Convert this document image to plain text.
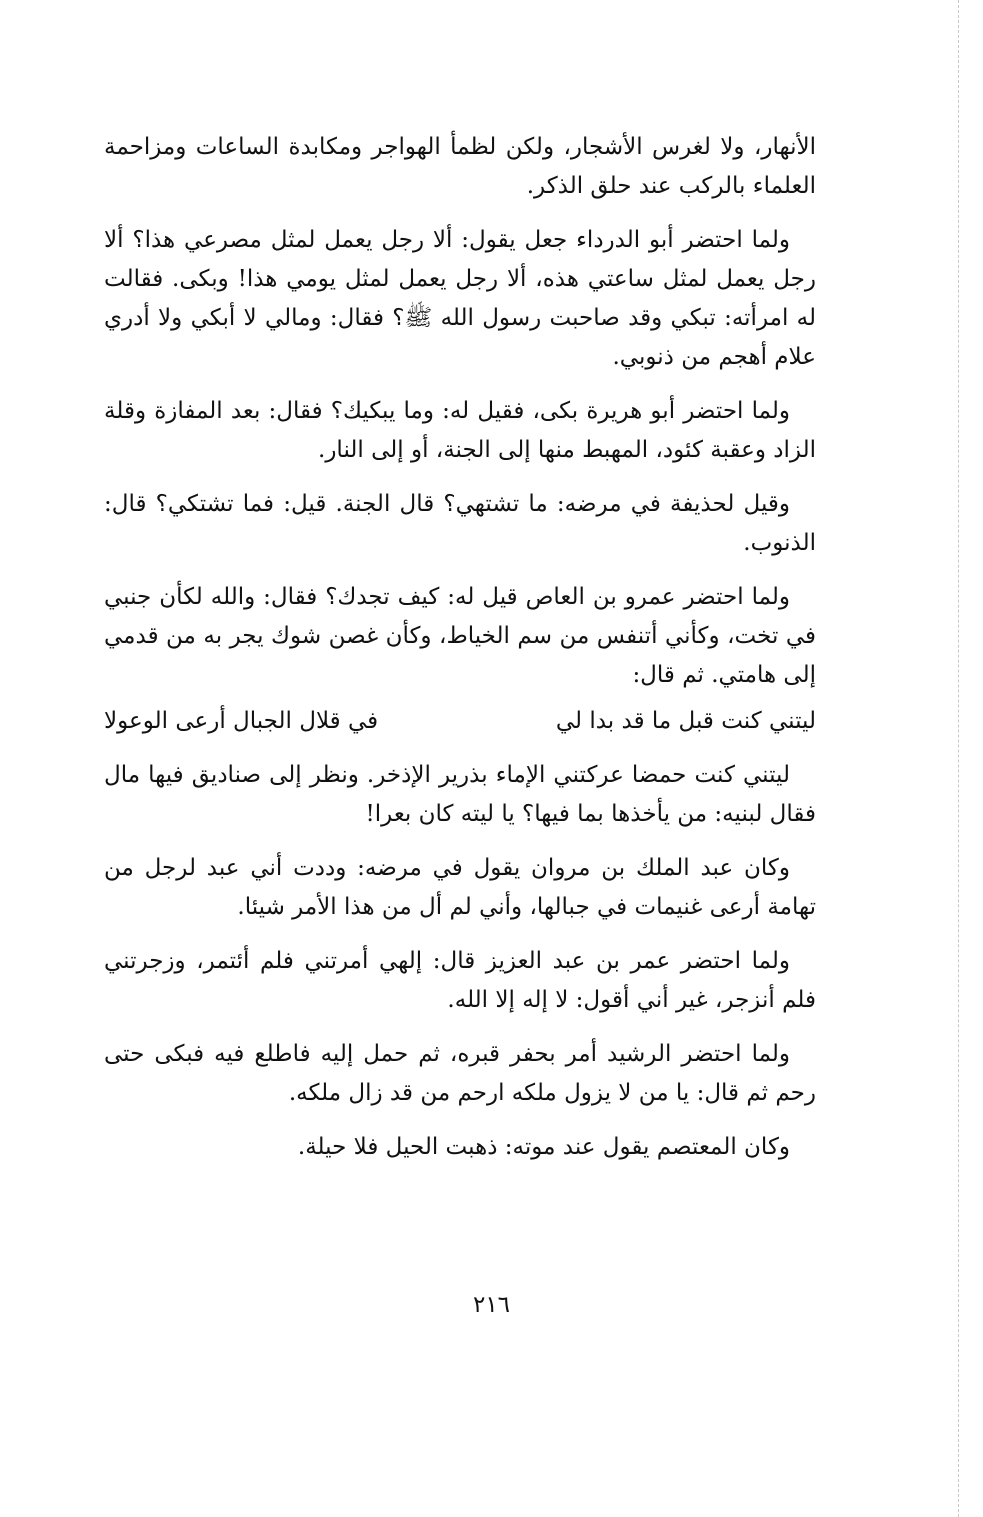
الأنهار، ولا لغرس الأشجار، ولكن لظمأ الهواجر ومكابدة الساعات ومزاحمة العلماء بالركب عند حلق الذكر.

ولما احتضر أبو الدرداء جعل يقول: ألا رجل يعمل لمثل مصرعي هذا؟ ألا رجل يعمل لمثل ساعتي هذه، ألا رجل يعمل لمثل يومي هذا! وبكى. فقالت له امرأته: تبكي وقد صاحبت رسول الله ﷺ؟ فقال: ومالي لا أبكي ولا أدري علام أهجم من ذنوبي.

ولما احتضر أبو هريرة بكى، فقيل له: وما يبكيك؟ فقال: بعد المفازة وقلة الزاد وعقبة كئود، المهبط منها إلى الجنة، أو إلى النار.

وقيل لحذيفة في مرضه: ما تشتهي؟ قال الجنة. قيل: فما تشتكي؟ قال: الذنوب.

ولما احتضر عمرو بن العاص قيل له: كيف تجدك؟ فقال: والله لكأن جنبي في تخت، وكأني أتنفس من سم الخياط، وكأن غصن شوك يجر به من قدمي إلى هامتي. ثم قال:

ليتني كنت قبل ما قد بدا لي
في قلال الجبال أرعى الوعولا

ليتني كنت حمضا عركتني الإماء بذرير الإذخر. ونظر إلى صناديق فيها مال فقال لبنيه: من يأخذها بما فيها؟ يا ليته كان بعرا!

وكان عبد الملك بن مروان يقول في مرضه: وددت أني عبد لرجل من تهامة أرعى غنيمات في جبالها، وأني لم أل من هذا الأمر شيئا.

ولما احتضر عمر بن عبد العزيز قال: إلهي أمرتني فلم أئتمر، وزجرتني فلم أنزجر، غير أني أقول: لا إله إلا الله.

ولما احتضر الرشيد أمر بحفر قبره، ثم حمل إليه فاطلع فيه فبكى حتى رحم ثم قال: يا من لا يزول ملكه ارحم من قد زال ملكه.

وكان المعتصم يقول عند موته: ذهبت الحيل فلا حيلة.

٢١٦
